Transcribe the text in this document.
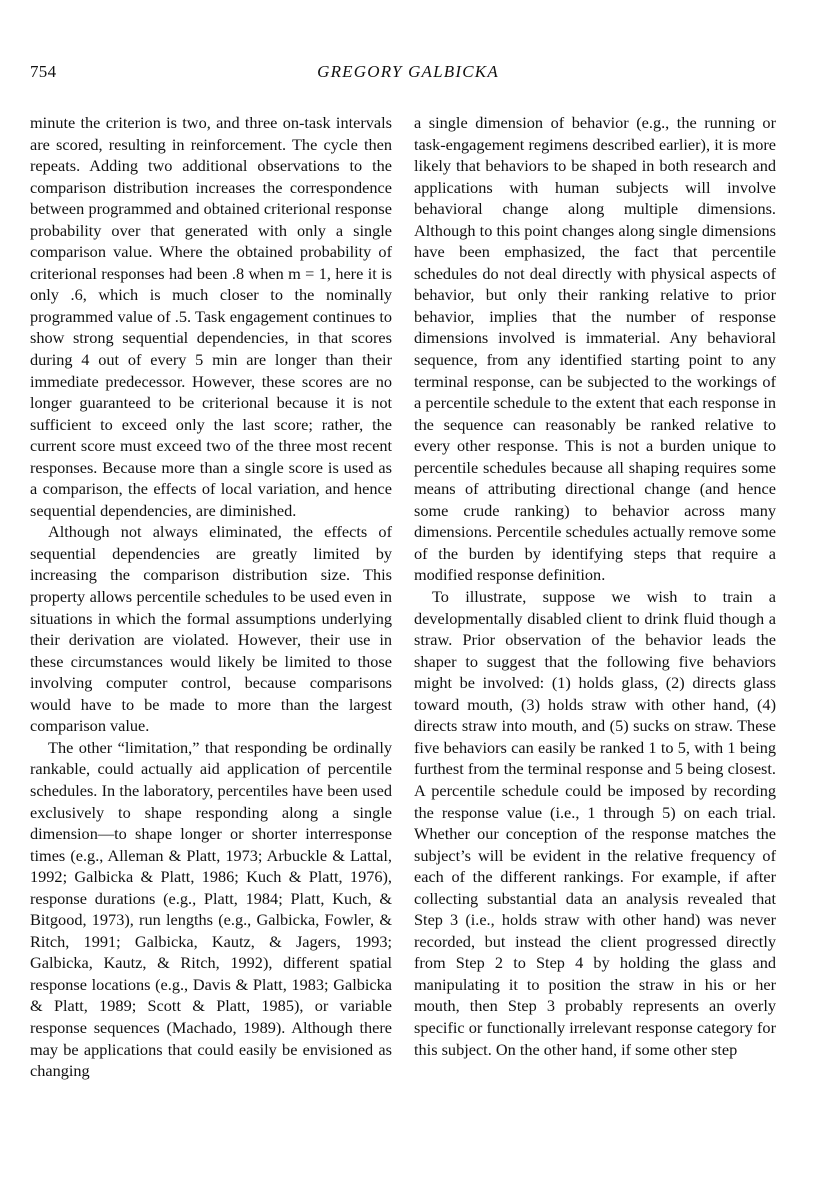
754	GREGORY GALBICKA

minute the criterion is two, and three on-task intervals are scored, resulting in reinforcement. The cycle then repeats. Adding two additional observations to the comparison distribution increases the correspondence between programmed and obtained criterional response probability over that generated with only a single comparison value. Where the obtained probability of criterional responses had been .8 when m = 1, here it is only .6, which is much closer to the nominally programmed value of .5. Task engagement continues to show strong sequential dependencies, in that scores during 4 out of every 5 min are longer than their immediate predecessor. However, these scores are no longer guaranteed to be criterional because it is not sufficient to exceed only the last score; rather, the current score must exceed two of the three most recent responses. Because more than a single score is used as a comparison, the effects of local variation, and hence sequential dependencies, are diminished.

Although not always eliminated, the effects of sequential dependencies are greatly limited by increasing the comparison distribution size. This property allows percentile schedules to be used even in situations in which the formal assumptions underlying their derivation are violated. However, their use in these circumstances would likely be limited to those involving computer control, because comparisons would have to be made to more than the largest comparison value.

The other “limitation,” that responding be ordinally rankable, could actually aid application of percentile schedules. In the laboratory, percentiles have been used exclusively to shape responding along a single dimension—to shape longer or shorter interresponse times (e.g., Alleman & Platt, 1973; Arbuckle & Lattal, 1992; Galbicka & Platt, 1986; Kuch & Platt, 1976), response durations (e.g., Platt, 1984; Platt, Kuch, & Bitgood, 1973), run lengths (e.g., Galbicka, Fowler, & Ritch, 1991; Galbicka, Kautz, & Jagers, 1993; Galbicka, Kautz, & Ritch, 1992), different spatial response locations (e.g., Davis & Platt, 1983; Galbicka & Platt, 1989; Scott & Platt, 1985), or variable response sequences (Machado, 1989). Although there may be applications that could easily be envisioned as changing

a single dimension of behavior (e.g., the running or task-engagement regimens described earlier), it is more likely that behaviors to be shaped in both research and applications with human subjects will involve behavioral change along multiple dimensions. Although to this point changes along single dimensions have been emphasized, the fact that percentile schedules do not deal directly with physical aspects of behavior, but only their ranking relative to prior behavior, implies that the number of response dimensions involved is immaterial. Any behavioral sequence, from any identified starting point to any terminal response, can be subjected to the workings of a percentile schedule to the extent that each response in the sequence can reasonably be ranked relative to every other response. This is not a burden unique to percentile schedules because all shaping requires some means of attributing directional change (and hence some crude ranking) to behavior across many dimensions. Percentile schedules actually remove some of the burden by identifying steps that require a modified response definition.

To illustrate, suppose we wish to train a developmentally disabled client to drink fluid though a straw. Prior observation of the behavior leads the shaper to suggest that the following five behaviors might be involved: (1) holds glass, (2) directs glass toward mouth, (3) holds straw with other hand, (4) directs straw into mouth, and (5) sucks on straw. These five behaviors can easily be ranked 1 to 5, with 1 being furthest from the terminal response and 5 being closest. A percentile schedule could be imposed by recording the response value (i.e., 1 through 5) on each trial. Whether our conception of the response matches the subject’s will be evident in the relative frequency of each of the different rankings. For example, if after collecting substantial data an analysis revealed that Step 3 (i.e., holds straw with other hand) was never recorded, but instead the client progressed directly from Step 2 to Step 4 by holding the glass and manipulating it to position the straw in his or her mouth, then Step 3 probably represents an overly specific or functionally irrelevant response category for this subject. On the other hand, if some other step
